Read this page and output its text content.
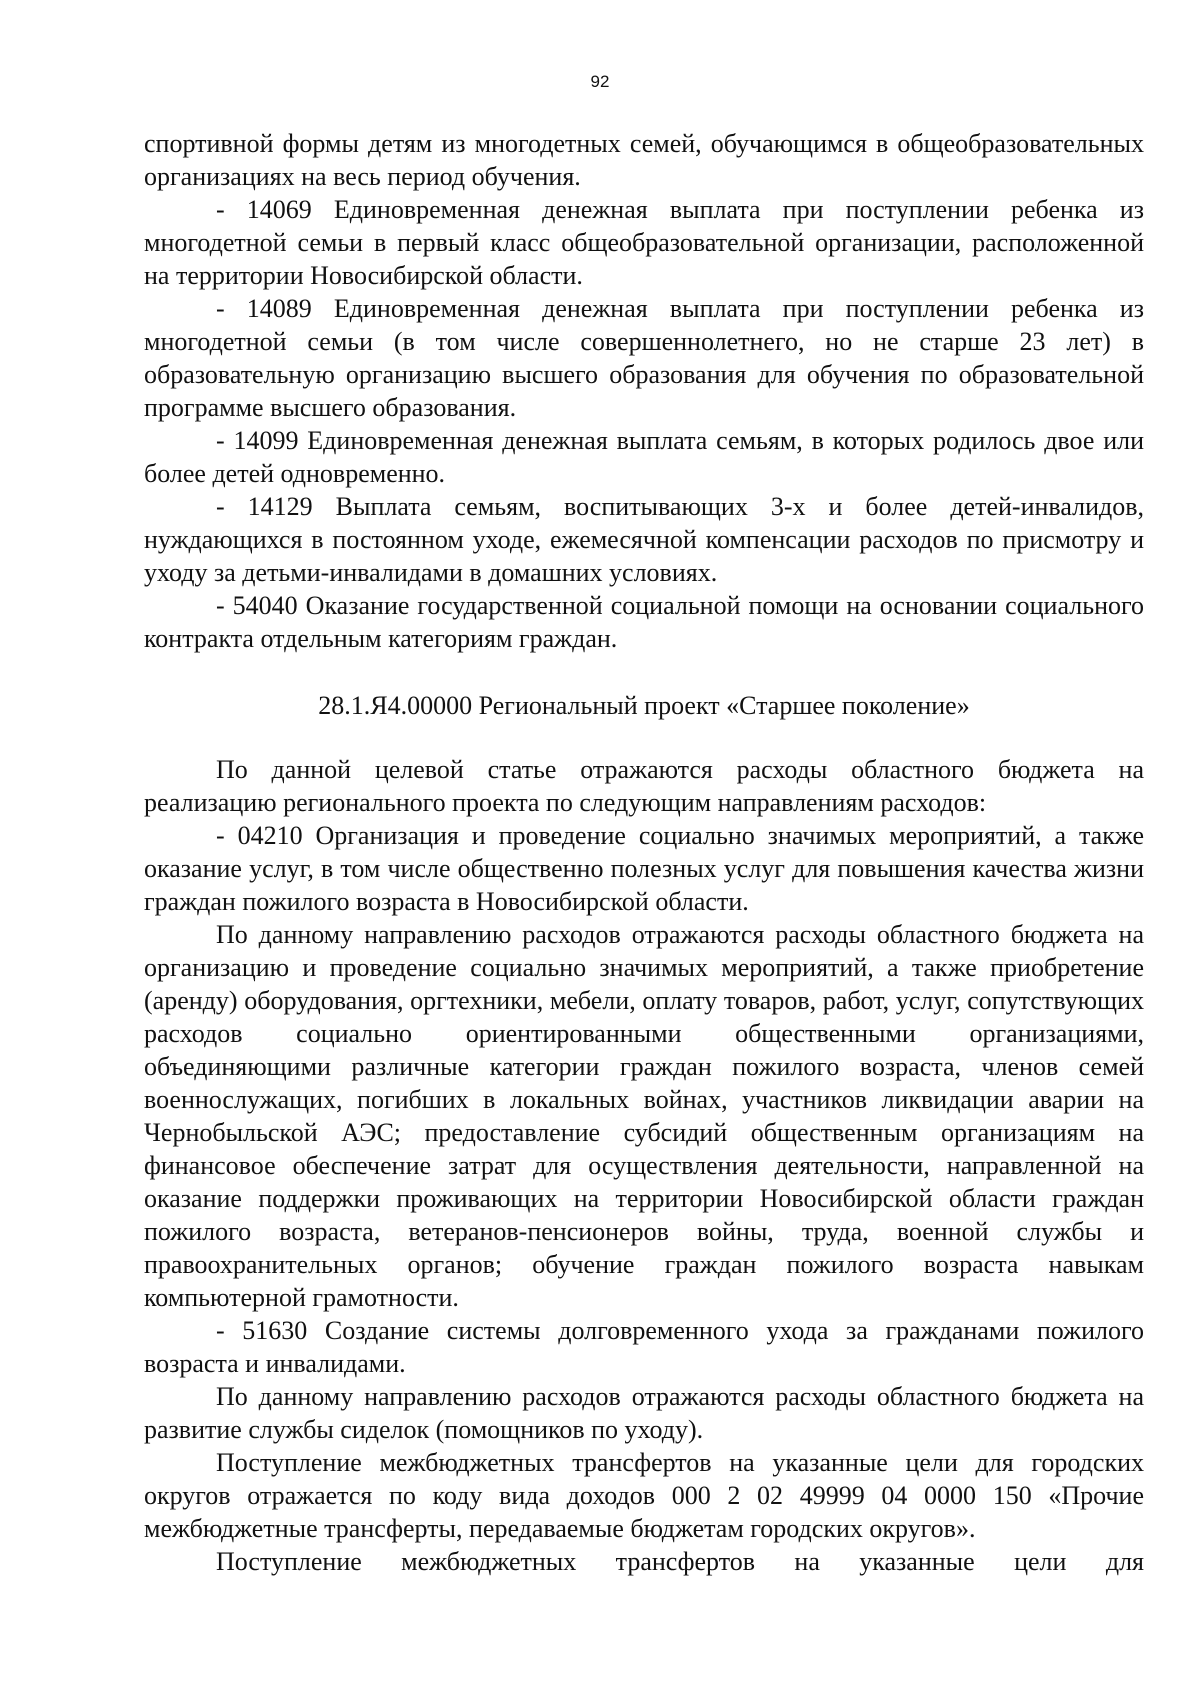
92

спортивной формы детям из многодетных семей, обучающимся в общеобразовательных организациях на весь период обучения.

- 14069 Единовременная денежная выплата при поступлении ребенка из многодетной семьи в первый класс общеобразовательной организации, расположенной на территории Новосибирской области.

- 14089 Единовременная денежная выплата при поступлении ребенка из многодетной семьи (в том числе совершеннолетнего, но не старше 23 лет) в образовательную организацию высшего образования для обучения по образовательной программе высшего образования.

- 14099 Единовременная денежная выплата семьям, в которых родилось двое или более детей одновременно.

- 14129 Выплата семьям, воспитывающих 3-х и более детей-инвалидов, нуждающихся в постоянном уходе, ежемесячной компенсации расходов по присмотру и уходу за детьми-инвалидами в домашних условиях.

- 54040 Оказание государственной социальной помощи на основании социального контракта отдельным категориям граждан.

28.1.Я4.00000 Региональный проект «Старшее поколение»

По данной целевой статье отражаются расходы областного бюджета на реализацию регионального проекта по следующим направлениям расходов:

- 04210 Организация и проведение социально значимых мероприятий, а также оказание услуг, в том числе общественно полезных услуг для повышения качества жизни граждан пожилого возраста в Новосибирской области.

По данному направлению расходов отражаются расходы областного бюджета на организацию и проведение социально значимых мероприятий, а также приобретение (аренду) оборудования, оргтехники, мебели, оплату товаров, работ, услуг, сопутствующих расходов социально ориентированными общественными организациями, объединяющими различные категории граждан пожилого возраста, членов семей военнослужащих, погибших в локальных войнах, участников ликвидации аварии на Чернобыльской АЭС; предоставление субсидий общественным организациям на финансовое обеспечение затрат для осуществления деятельности, направленной на оказание поддержки проживающих на территории Новосибирской области граждан пожилого возраста, ветеранов-пенсионеров войны, труда, военной службы и правоохранительных органов; обучение граждан пожилого возраста навыкам компьютерной грамотности.

- 51630 Создание системы долговременного ухода за гражданами пожилого возраста и инвалидами.

По данному направлению расходов отражаются расходы областного бюджета на развитие службы сиделок (помощников по уходу).

Поступление межбюджетных трансфертов на указанные цели для городских округов отражается по коду вида доходов 000 2 02 49999 04 0000 150 «Прочие межбюджетные трансферты, передаваемые бюджетам городских округов».

Поступление межбюджетных трансфертов на указанные цели для
